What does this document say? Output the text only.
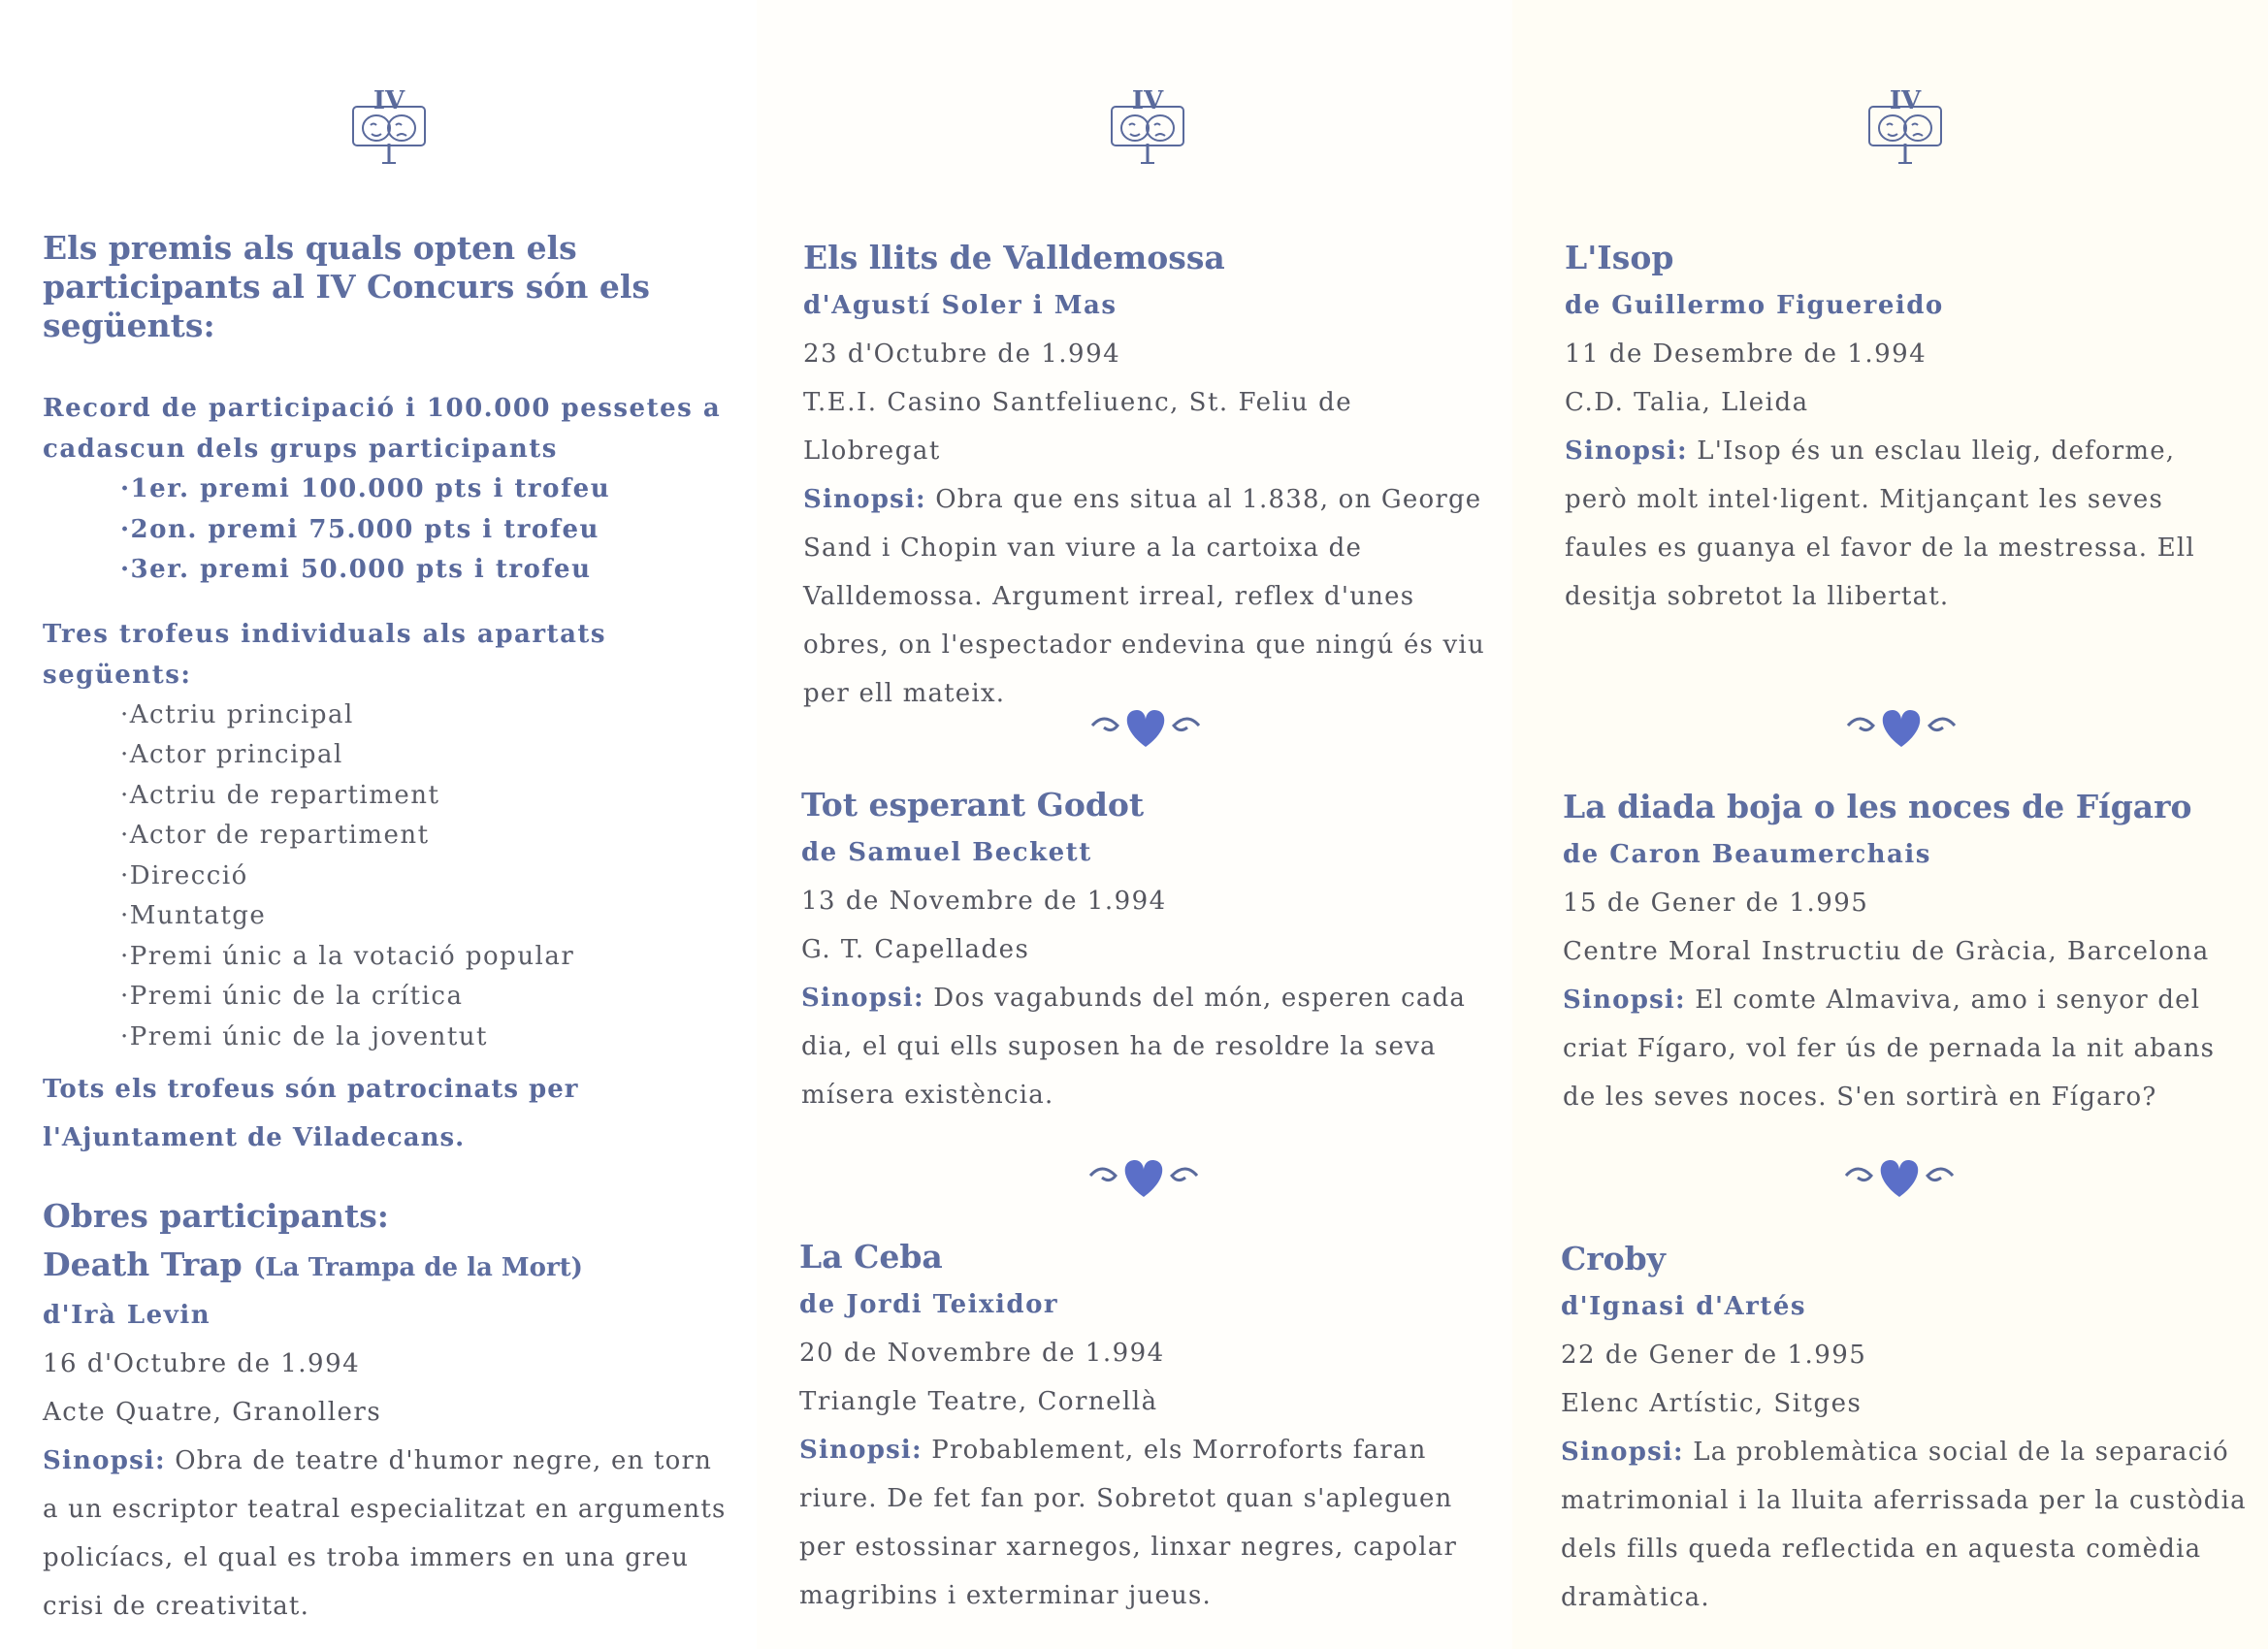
IV
Els premis als quals opten els participants al IV Concurs són els següents:
Record de participació i 100.000 pessetes a cadascun dels grups participants
·1er. premi 100.000 pts i trofeu
·2on. premi 75.000 pts i trofeu
·3er. premi 50.000 pts i trofeu
Tres trofeus individuals als apartats següents:
·Actriu principal
·Actor principal
·Actriu de repartiment
·Actor de repartiment
·Direcció
·Muntatge
·Premi únic a la votació popular
·Premi únic de la crítica
·Premi únic de la joventut
Tots els trofeus són patrocinats per l'Ajuntament de Viladecans.
Obres participants:
Death Trap (La Trampa de la Mort)
d'Irà Levin
16 d'Octubre de 1.994
Acte Quatre, Granollers
Sinopsi: Obra de teatre d'humor negre, en torn a un escriptor teatral especialitzat en arguments policíacs, el qual es troba immers en una greu crisi de creativitat.
IV
Els llits de Valldemossa
d'Agustí Soler i Mas
23 d'Octubre de 1.994
T.E.I. Casino Santfeliuenc, St. Feliu de Llobregat
Sinopsi: Obra que ens situa al 1.838, on George Sand i Chopin van viure a la cartoixa de Valldemossa. Argument irreal, reflex d'unes obres, on l'espectador endevina que ningú és viu per ell mateix.
Tot esperant Godot
de Samuel Beckett
13 de Novembre de 1.994
G. T. Capellades
Sinopsi: Dos vagabunds del món, esperen cada dia, el qui ells suposen ha de resoldre la seva mísera existència.
La Ceba
de Jordi Teixidor
20 de Novembre de 1.994
Triangle Teatre, Cornellà
Sinopsi: Probablement, els Morroforts faran riure. De fet fan por. Sobretot quan s'apleguen per estossinar xarnegos, linxar negres, capolar magribins i exterminar jueus.
IV
L'Isop
de Guillermo Figuereido
11 de Desembre de 1.994
C.D. Talia, Lleida
Sinopsi: L'Isop és un esclau lleig, deforme, però molt intel·ligent. Mitjançant les seves faules es guanya el favor de la mestressa. Ell desitja sobretot la llibertat.
La diada boja o les noces de Fígaro
de Caron Beaumerchais
15 de Gener de 1.995
Centre Moral Instructiu de Gràcia, Barcelona
Sinopsi: El comte Almaviva, amo i senyor del criat Fígaro, vol fer ús de pernada la nit abans de les seves noces. S'en sortirà en Fígaro?
Croby
d'Ignasi d'Artés
22 de Gener de 1.995
Elenc Artístic, Sitges
Sinopsi: La problemàtica social de la separació matrimonial i la lluita aferrissada per la custòdia dels fills queda reflectida en aquesta comèdia dramàtica.
